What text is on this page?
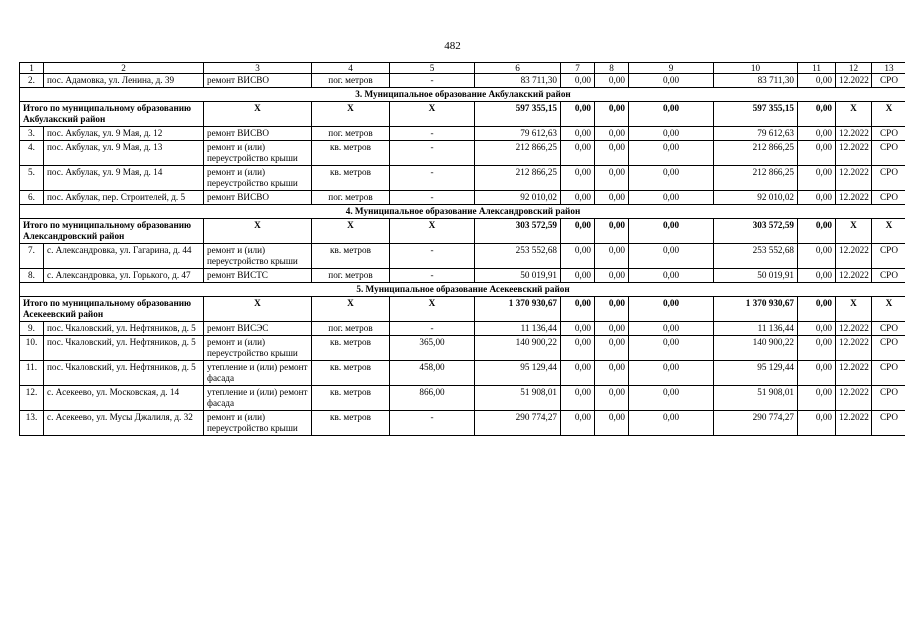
482
1	2	3	4	5	6	7	8	9	10	11	12	13
2.	пос. Адамовка, ул. Ленина, д. 39	ремонт ВИСВО	пог. метров	-	83 711,30	0,00	0,00	0,00	83 711,30	0,00	12.2022	СРО
3. Муниципальное образование Акбулакский район												
Итого по муниципальному образованию Акбулакский район		X	X	X	597 355,15	0,00	0,00	0,00	597 355,15	0,00	X	X
3.	пос. Акбулак, ул. 9 Мая, д. 12	ремонт ВИСВО	пог. метров	-	79 612,63	0,00	0,00	0,00	79 612,63	0,00	12.2022	СРО
4.	пос. Акбулак, ул. 9 Мая, д. 13	ремонт и (или) переустройство крыши	кв. метров	-	212 866,25	0,00	0,00	0,00	212 866,25	0,00	12.2022	СРО
5.	пос. Акбулак, ул. 9 Мая, д. 14	ремонт и (или) переустройство крыши	кв. метров	-	212 866,25	0,00	0,00	0,00	212 866,25	0,00	12.2022	СРО
6.	пос. Акбулак, пер. Строителей, д. 5	ремонт ВИСВО	пог. метров	-	92 010,02	0,00	0,00	0,00	92 010,02	0,00	12.2022	СРО
4. Муниципальное образование Александровский район												
Итого по муниципальному образованию Александровский район		X	X	X	303 572,59	0,00	0,00	0,00	303 572,59	0,00	X	X
7.	с. Александровка, ул. Гагарина, д. 44	ремонт и (или) переустройство крыши	кв. метров	-	253 552,68	0,00	0,00	0,00	253 552,68	0,00	12.2022	СРО
8.	с. Александровка, ул. Горького, д. 47	ремонт ВИСТС	пог. метров	-	50 019,91	0,00	0,00	0,00	50 019,91	0,00	12.2022	СРО
5. Муниципальное образование Асекеевский район												
Итого по муниципальному образованию Асекеевский район		X	X	X	1 370 930,67	0,00	0,00	0,00	1 370 930,67	0,00	X	X
9.	пос. Чкаловский, ул. Нефтяников, д. 5	ремонт ВИСЭС	пог. метров	-	11 136,44	0,00	0,00	0,00	11 136,44	0,00	12.2022	СРО
10.	пос. Чкаловский, ул. Нефтяников, д. 5	ремонт и (или) переустройство крыши	кв. метров	365,00	140 900,22	0,00	0,00	0,00	140 900,22	0,00	12.2022	СРО
11.	пос. Чкаловский, ул. Нефтяников, д. 5	утепление и (или) ремонт фасада	кв. метров	458,00	95 129,44	0,00	0,00	0,00	95 129,44	0,00	12.2022	СРО
12.	с. Асекеево, ул. Московская, д. 14	утепление и (или) ремонт фасада	кв. метров	866,00	51 908,01	0,00	0,00	0,00	51 908,01	0,00	12.2022	СРО
13.	с. Асекеево, ул. Мусы Джалиля, д. 32	ремонт и (или) переустройство крыши	кв. метров	-	290 774,27	0,00	0,00	0,00	290 774,27	0,00	12.2022	СРО
